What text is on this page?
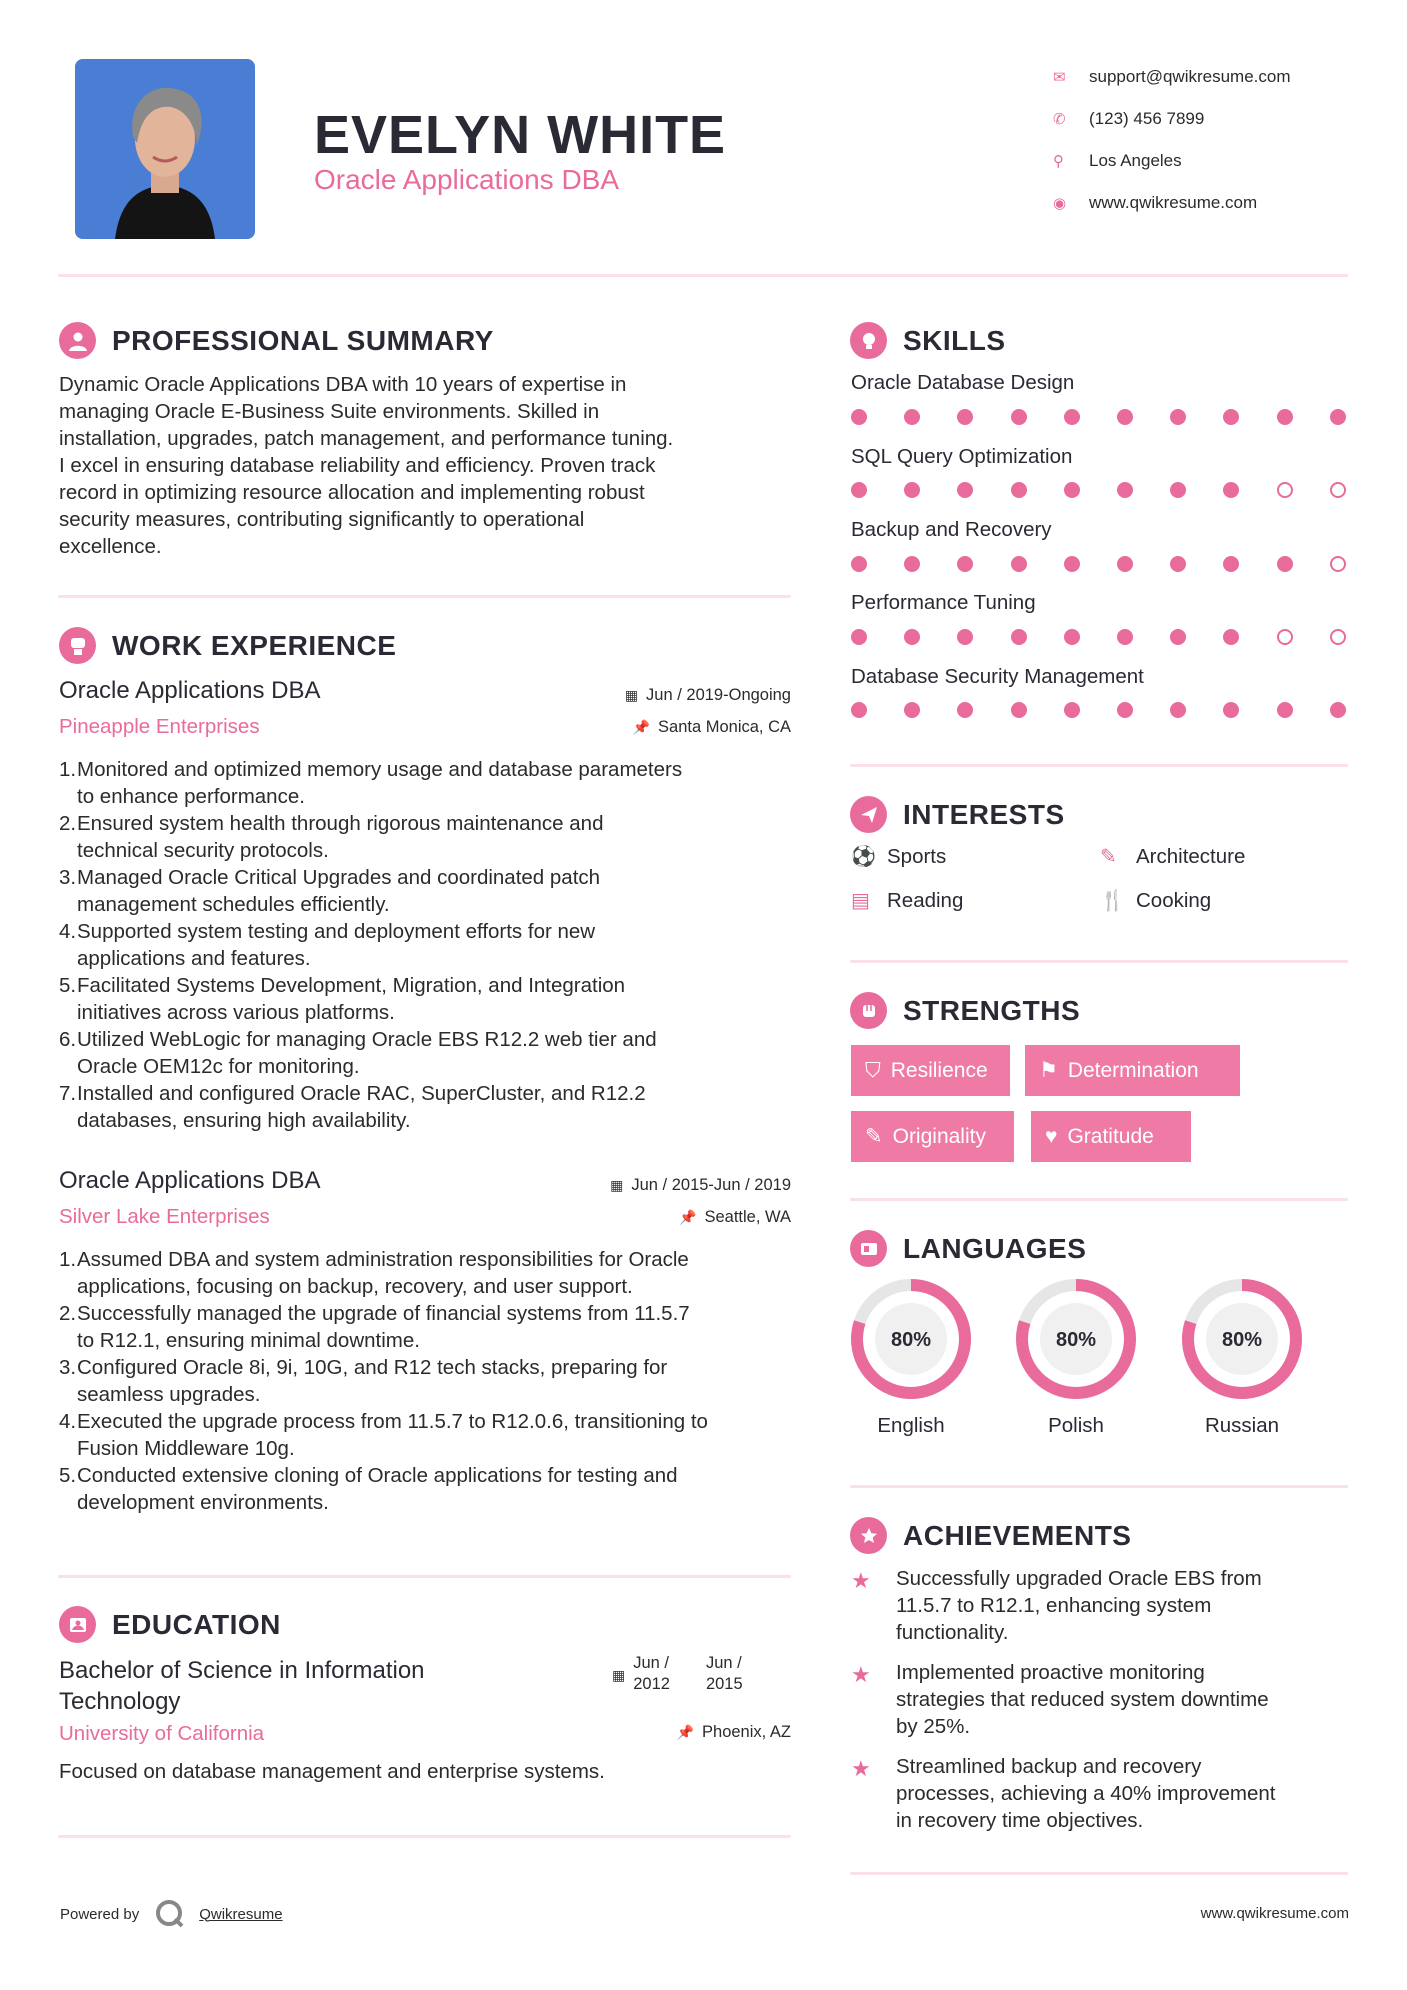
EVELYN WHITE
Oracle Applications DBA
✉	support@qwikresume.com
✆	(123) 456 7899
⚲	Los Angeles
◉	www.qwikresume.com
PROFESSIONAL SUMMARY
Dynamic Oracle Applications DBA with 10 years of expertise in
managing Oracle E-Business Suite environments. Skilled in
installation, upgrades, patch management, and performance tuning.
I excel in ensuring database reliability and efficiency. Proven track
record in optimizing resource allocation and implementing robust
security measures, contributing significantly to operational
excellence.
WORK EXPERIENCE
Oracle Applications DBA	▦ Jun / 2019-Ongoing
Pineapple Enterprises	📌 Santa Monica, CA
1. Monitored and optimized memory usage and database parameters
to enhance performance.
2. Ensured system health through rigorous maintenance and
technical security protocols.
3. Managed Oracle Critical Upgrades and coordinated patch
management schedules efficiently.
4. Supported system testing and deployment efforts for new
applications and features.
5. Facilitated Systems Development, Migration, and Integration
initiatives across various platforms.
6. Utilized WebLogic for managing Oracle EBS R12.2 web tier and
Oracle OEM12c for monitoring.
7. Installed and configured Oracle RAC, SuperCluster, and R12.2
databases, ensuring high availability.
Oracle Applications DBA	▦ Jun / 2015-Jun / 2019
Silver Lake Enterprises	📌 Seattle, WA
1. Assumed DBA and system administration responsibilities for Oracle
applications, focusing on backup, recovery, and user support.
2. Successfully managed the upgrade of financial systems from 11.5.7
to R12.1, ensuring minimal downtime.
3. Configured Oracle 8i, 9i, 10G, and R12 tech stacks, preparing for
seamless upgrades.
4. Executed the upgrade process from 11.5.7 to R12.0.6, transitioning to
Fusion Middleware 10g.
5. Conducted extensive cloning of Oracle applications for testing and
development environments.
EDUCATION
Bachelor of Science in Information
Technology
▦
Jun /
2012
Jun /
2015
University of California	📌 Phoenix, AZ
Focused on database management and enterprise systems.
SKILLS
Oracle Database Design
SQL Query Optimization
Backup and Recovery
Performance Tuning
Database Security Management
INTERESTS
⚽ Sports	✎ Architecture
▤ Reading	🍴 Cooking
STRENGTHS
⛉ Resilience ⚑ Determination
✎ Originality	♥ Gratitude
LANGUAGES
80%
English
80%
Polish
80%
Russian
ACHIEVEMENTS
★	Successfully upgraded Oracle EBS from
11.5.7 to R12.1, enhancing system
functionality.
★	Implemented proactive monitoring
strategies that reduced system downtime
by 25%.
★	Streamlined backup and recovery
processes, achieving a 40% improvement
in recovery time objectives.
Powered by	Qwikresume	www.qwikresume.com
